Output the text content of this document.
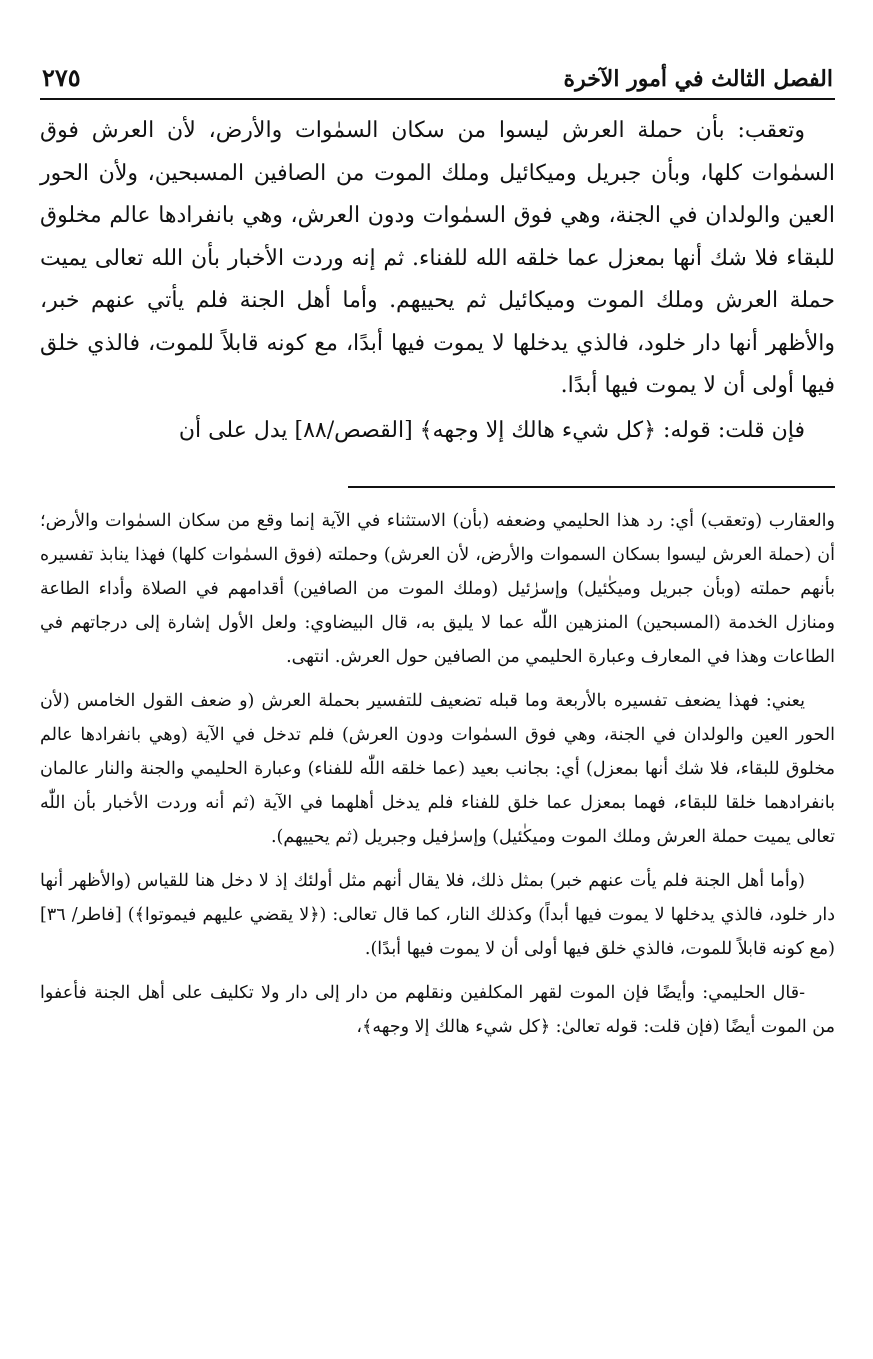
الفصل الثالث في أمور الآخرة
٢٧٥

وتعقب: بأن حملة العرش ليسوا من سكان السمٰوات والأرض، لأن العرش فوق السمٰوات كلها، وبأن جبريل وميكائيل وملك الموت من الصافين المسبحين، ولأن الحور العين والولدان في الجنة، وهي فوق السمٰوات ودون العرش، وهي بانفرادها عالم مخلوق للبقاء فلا شك أنها بمعزل عما خلقه الله للفناء. ثم إنه وردت الأخبار بأن الله تعالى يميت حملة العرش وملك الموت وميكائيل ثم يحييهم. وأما أهل الجنة فلم يأتي عنهم خبر، والأظهر أنها دار خلود، فالذي يدخلها لا يموت فيها أبدًا، مع كونه قابلاً للموت، فالذي خلق فيها أولى أن لا يموت فيها أبدًا.

فإن قلت: قوله: ﴿كل شيء هالك إلا وجهه﴾ [القصص/٨٨] يدل على أن

والعقارب (وتعقب) أي: رد هذا الحليمي وضعفه (بأن) الاستثناء في الآية إنما وقع من سكان السمٰوات والأرض؛ أن (حملة العرش ليسوا بسكان السموات والأرض، لأن العرش) وحملته (فوق السمٰوات كلها) فهذا ينابذ تفسيره بأنهم حملته (وبأن جبريل وميكٰئيل) وإسرٰئيل (وملك الموت من الصافين) أقدامهم في الصلاة وأداء الطاعة ومنازل الخدمة (المسبحين) المنزهين اللّٰه عما لا يليق به، قال البيضاوي: ولعل الأول إشارة إلى درجاتهم في الطاعات وهذا في المعارف وعبارة الحليمي من الصافين حول العرش. انتهى.

يعني: فهذا يضعف تفسيره بالأربعة وما قبله تضعيف للتفسير بحملة العرش (و ضعف القول الخامس (لأن الحور العين والولدان في الجنة، وهي فوق السمٰوات ودون العرش) فلم تدخل في الآية (وهي بانفرادها عالم مخلوق للبقاء، فلا شك أنها بمعزل) أي: بجانب بعيد (عما خلقه اللّٰه للفناء) وعبارة الحليمي والجنة والنار عالمان بانفرادهما خلقا للبقاء، فهما بمعزل عما خلق للفناء فلم يدخل أهلهما في الآية (ثم أنه وردت الأخبار بأن اللّٰه تعالى يميت حملة العرش وملك الموت وميكٰئيل) وإسرٰفيل وجبريل (ثم يحييهم).

(وأما أهل الجنة فلم يأت عنهم خبر) بمثل ذلك، فلا يقال أنهم مثل أولئك إذ لا دخل هنا للقياس (والأظهر أنها دار خلود، فالذي يدخلها لا يموت فيها أبداً) وكذلك النار، كما قال تعالى: (﴿لا يقضي عليهم فيموتوا﴾) [فاطر/ ٣٦] (مع كونه قابلاً للموت، فالذي خلق فيها أولى أن لا يموت فيها أبدًا).

-قال الحليمي: وأيضًا فإن الموت لقهر المكلفين ونقلهم من دار إلى دار ولا تكليف على أهل الجنة فأعفوا من الموت أيضًا (فإن قلت: قوله تعالىٰ: ﴿كل شيء هالك إلا وجهه﴾،
